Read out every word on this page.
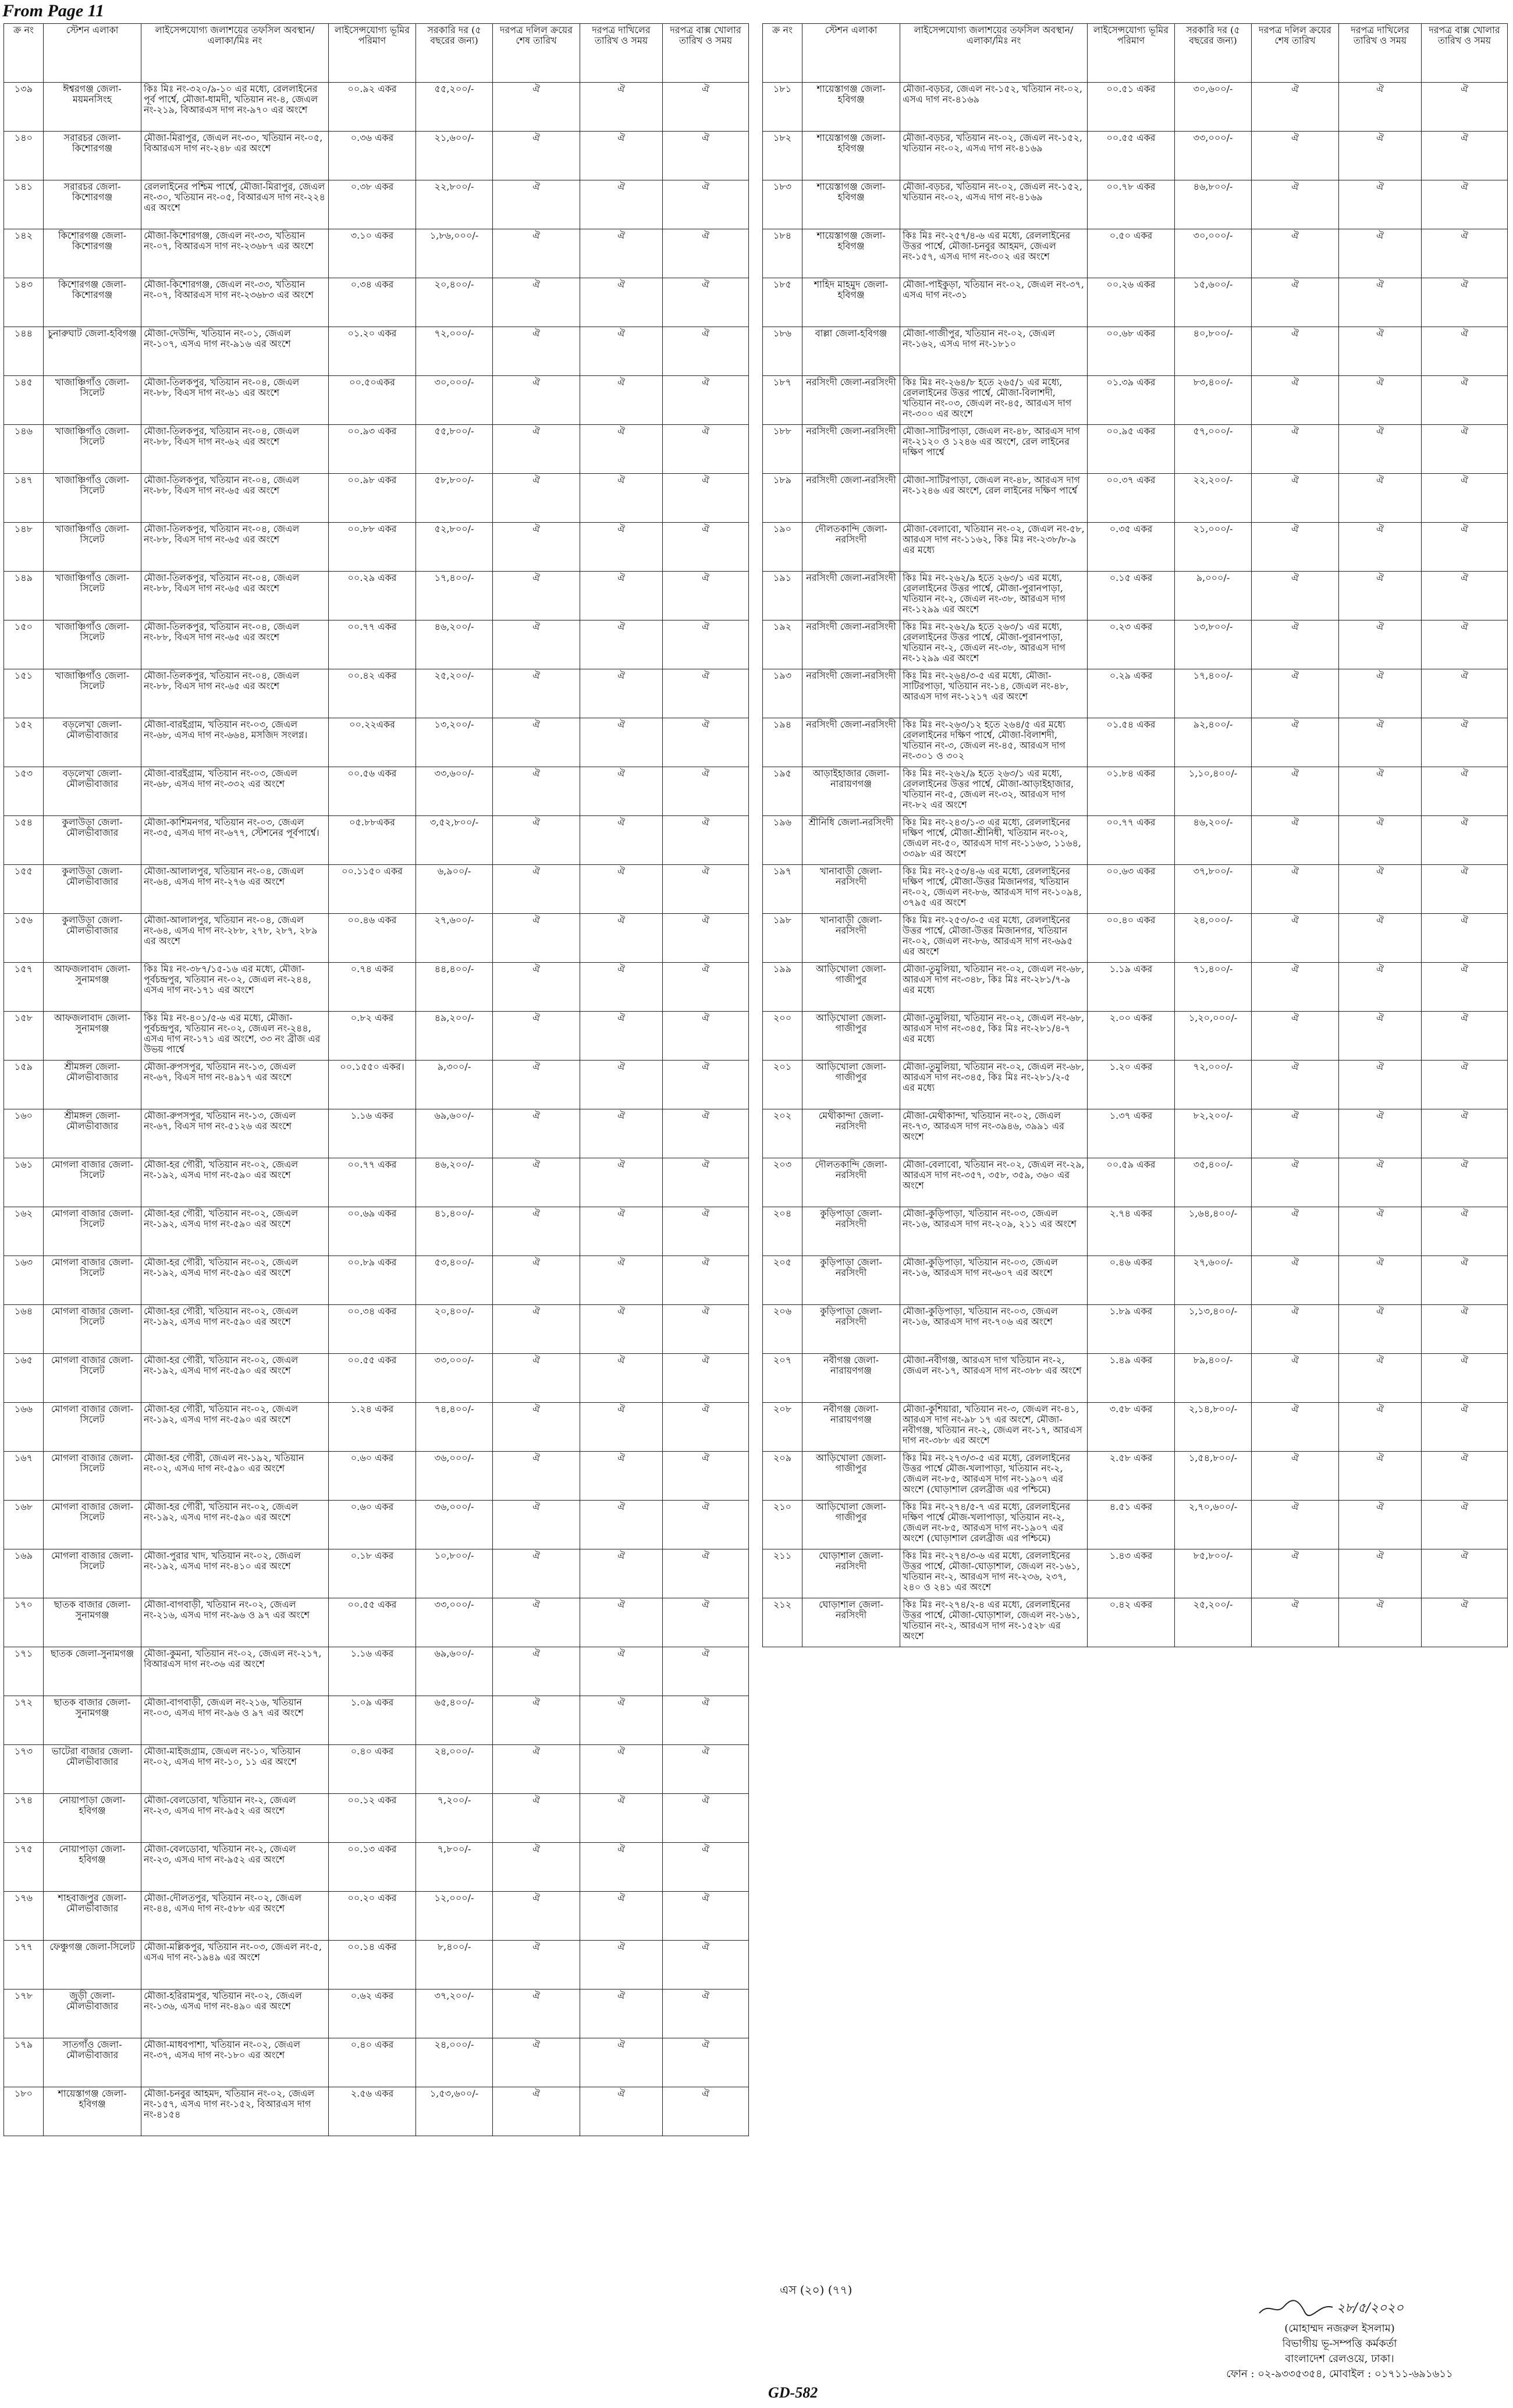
From Page 11
ক্র নং	স্টেশন এলাকা	লাইসেন্সযোগ্য জলাশয়ের তফসিল অবস্থান/এলাকা/মিঃ নং	লাইসেন্সযোগ্য ভূমির পরিমাণ	সরকারি দর (৫ বছরের জন্য)	দরপত্র দলিল ক্রয়ের শেষ তারিখ	দরপত্র দাখিলের তারিখ ও সময়	দরপত্র বাক্স খোলার তারিখ ও সময়
১৩৯	ঈশ্বরগঞ্জ জেলা-ময়মনসিংহ	কিঃ মিঃ নং-৩২০/৯-১০ এর মধ্যে, রেললাইনের পূর্ব পার্শ্বে, মৌজা-ধামদী, খতিয়ান নং-৪, জেএল নং-২১৯, বিআরএস দাগ নং-৯৭০ এর অংশে	০০.৯২ একর	৫৫,২০০/-	ঐ	ঐ	ঐ
১৪০	সরারচর জেলা-কিশোরগঞ্জ	মৌজা-মিরাপুর, জেএল নং-৩০, খতিয়ান নং-০৫, বিআরএস দাগ নং-২৪৮ এর অংশে	০.৩৬ একর	২১,৬০০/-	ঐ	ঐ	ঐ
১৪১	সরারচর জেলা-কিশোরগঞ্জ	রেললাইনের পশ্চিম পার্শ্বে, মৌজা-মিরাপুর, জেএল নং-৩০, খতিয়ান নং-০৫, বিআরএস দাগ নং-২২৪ এর অংশে	০.৩৮ একর	২২,৮০০/-	ঐ	ঐ	ঐ
১৪২	কিশোরগঞ্জ জেলা-কিশোরগঞ্জ	মৌজা-কিশোরগঞ্জ, জেএল নং-৩৩, খতিয়ান নং-০৭, বিআরএস দাগ নং-২৩৬৮৭ এর অংশে	৩.১০ একর	১,৮৬,০০০/-	ঐ	ঐ	ঐ
১৪৩	কিশোরগঞ্জ জেলা-কিশোরগঞ্জ	মৌজা-কিশোরগঞ্জ, জেএল নং-৩৩, খতিয়ান নং-০৭, বিআরএস দাগ নং-২৩৬৮৩ এর অংশে	০.৩৪ একর	২০,৪০০/-	ঐ	ঐ	ঐ
১৪৪	চুনারুঘাট জেলা-হবিগঞ্জ	মৌজা-দেউন্দি, খতিয়ান নং-০১, জেএল নং-১০৭, এসএ দাগ নং-৯১৬ এর অংশে	০১.২০ একর	৭২,০০০/-	ঐ	ঐ	ঐ
১৪৫	খাজাঞ্চিগাঁও জেলা-সিলেট	মৌজা-তিলকপুর, খতিয়ান নং-০৪, জেএল নং-৮৮, বিএস দাগ নং-৬১ এর অংশে	০০.৫০একর	৩০,০০০/-	ঐ	ঐ	ঐ
১৪৬	খাজাঞ্চিগাঁও জেলা-সিলেট	মৌজা-তিলকপুর, খতিয়ান নং-০৪, জেএল নং-৮৮, বিএস দাগ নং-৬২ এর অংশে	০০.৯৩ একর	৫৫,৮০০/-	ঐ	ঐ	ঐ
১৪৭	খাজাঞ্চিগাঁও জেলা-সিলেট	মৌজা-তিলকপুর, খতিয়ান নং-০৪, জেএল নং-৮৮, বিএস দাগ নং-৬৫ এর অংশে	০০.৯৮ একর	৫৮,৮০০/-	ঐ	ঐ	ঐ
১৪৮	খাজাঞ্চিগাঁও জেলা-সিলেট	মৌজা-তিলকপুর, খতিয়ান নং-০৪, জেএল নং-৮৮, বিএস দাগ নং-৬৫ এর অংশে	০০.৮৮ একর	৫২,৮০০/-	ঐ	ঐ	ঐ
১৪৯	খাজাঞ্চিগাঁও জেলা-সিলেট	মৌজা-তিলকপুর, খতিয়ান নং-০৪, জেএল নং-৮৮, বিএস দাগ নং-৬৫ এর অংশে	০০.২৯ একর	১৭,৪০০/-	ঐ	ঐ	ঐ
১৫০	খাজাঞ্চিগাঁও জেলা-সিলেট	মৌজা-তিলকপুর, খতিয়ান নং-০৪, জেএল নং-৮৮, বিএস দাগ নং-৬৫ এর অংশে	০০.৭৭ একর	৪৬,২০০/-	ঐ	ঐ	ঐ
১৫১	খাজাঞ্চিগাঁও জেলা-সিলেট	মৌজা-তিলকপুর, খতিয়ান নং-০৪, জেএল নং-৮৮, বিএস দাগ নং-৬৫ এর অংশে	০০.৪২ একর	২৫,২০০/-	ঐ	ঐ	ঐ
১৫২	বড়লেখা জেলা-মৌলভীবাজার	মৌজা-বারইগ্রাম, খতিয়ান নং-০৩, জেএল নং-৬৮, এসএ দাগ নং-৬৬৪, মসজিদ সংলগ্ন।	০০.২২একর	১৩,২০০/-	ঐ	ঐ	ঐ
১৫৩	বড়লেখা জেলা-মৌলভীবাজার	মৌজা-বারইগ্রাম, খতিয়ান নং-০৩, জেএল নং-৬৮, এসএ দাগ নং-৩৩২ এর অংশে	০০.৫৬ একর	৩৩,৬০০/-	ঐ	ঐ	ঐ
১৫৪	কুলাউড়া জেলা-মৌলভীবাজার	মৌজা-কাশিমনগর, খতিয়ান নং-০৩, জেএল নং-৩৫, এসএ দাগ নং-৬৭৭, স্টেশনের পূর্বপার্শ্বে।	০৫.৮৮একর	৩,৫২,৮০০/-	ঐ	ঐ	ঐ
১৫৫	কুলাউড়া জেলা-মৌলভীবাজার	মৌজা-আলালপুর, খতিয়ান নং-০৪, জেএল নং-৬৪, এসএ দাগ নং-২৭৬ এর অংশে	০০.১১৫০ একর	৬,৯০০/-	ঐ	ঐ	ঐ
১৫৬	কুলাউড়া জেলা-মৌলভীবাজার	মৌজা-আলালপুর, খতিয়ান নং-০৪, জেএল নং-৬৪, এসএ দাগ নং-২৮৮, ২৭৮, ২৮৭, ২৮৯ এর অংশে	০০.৪৬ একর	২৭,৬০০/-	ঐ	ঐ	ঐ
১৫৭	আফজলাবাদ জেলা-সুনামগঞ্জ	কিঃ মিঃ নং-৩৮৭/১৫-১৬ এর মধ্যে, মৌজা-পূর্বচন্দ্রপুর, খতিয়ান নং-০২, জেএল নং-২৪৪, এসএ দাগ নং-১৭১ এর অংশে	০.৭৪ একর	৪৪,৪০০/-	ঐ	ঐ	ঐ
১৫৮	আফজলাবাদ জেলা-সুনামগঞ্জ	কিঃ মিঃ নং-৪০১/৫-৬ এর মধ্যে, মৌজা-পূর্বচন্দ্রপুর, খতিয়ান নং-০২, জেএল নং-২৪৪, এসএ দাগ নং-১৭১ এর অংশে, ৩৩ নং ব্রীজ এর উভয় পার্শ্বে	০.৮২ একর	৪৯,২০০/-	ঐ	ঐ	ঐ
১৫৯	শ্রীমঙ্গল জেলা-মৌলভীবাজার	মৌজা-রুপসপুর, খতিয়ান নং-১৩, জেএল নং-৬৭, বিএস দাগ নং-৪৯১৭ এর অংশে	০০.১৫৫০ একর।	৯,৩০০/-	ঐ	ঐ	ঐ
১৬০	শ্রীমঙ্গল জেলা-মৌলভীবাজার	মৌজা-রুপসপুর, খতিয়ান নং-১৩, জেএল নং-৬৭, বিএস দাগ নং-৫১২৬ এর অংশে	১.১৬ একর	৬৯,৬০০/-	ঐ	ঐ	ঐ
১৬১	মোগলা বাজার জেলা-সিলেট	মৌজা-হর গৌরী, খতিয়ান নং-০২, জেএল নং-১৯২, এসএ দাগ নং-৫৯০ এর অংশে	০০.৭৭ একর	৪৬,২০০/-	ঐ	ঐ	ঐ
১৬২	মোগলা বাজার জেলা-সিলেট	মৌজা-হর গৌরী, খতিয়ান নং-০২, জেএল নং-১৯২, এসএ দাগ নং-৫৯০ এর অংশে	০০.৬৯ একর	৪১,৪০০/-	ঐ	ঐ	ঐ
১৬৩	মোগলা বাজার জেলা-সিলেট	মৌজা-হর গৌরী, খতিয়ান নং-০২, জেএল নং-১৯২, এসএ দাগ নং-৫৯০ এর অংশে	০০.৮৯ একর	৫৩,৪০০/-	ঐ	ঐ	ঐ
১৬৪	মোগলা বাজার জেলা-সিলেট	মৌজা-হর গৌরী, খতিয়ান নং-০২, জেএল নং-১৯২, এসএ দাগ নং-৫৯০ এর অংশে	০০.৩৪ একর	২০,৪০০/-	ঐ	ঐ	ঐ
১৬৫	মোগলা বাজার জেলা-সিলেট	মৌজা-হর গৌরী, খতিয়ান নং-০২, জেএল নং-১৯২, এসএ দাগ নং-৫৯০ এর অংশে	০০.৫৫ একর	৩৩,০০০/-	ঐ	ঐ	ঐ
১৬৬	মোগলা বাজার জেলা-সিলেট	মৌজা-হর গৌরী, খতিয়ান নং-০২, জেএল নং-১৯২, এসএ দাগ নং-৫৯০ এর অংশে	১.২৪ একর	৭৪,৪০০/-	ঐ	ঐ	ঐ
১৬৭	মোগলা বাজার জেলা-সিলেট	মৌজা-হর গৌরী, জেএল নং-১৯২, খতিয়ান নং-০২, এসএ দাগ নং-৫৯০ এর অংশে	০.৬০ একর	৩৬,০০০/-	ঐ	ঐ	ঐ
১৬৮	মোগলা বাজার জেলা-সিলেট	মৌজা-হর গৌরী, খতিয়ান নং-০২, জেএল নং-১৯২, এসএ দাগ নং-৫৯০ এর অংশে	০.৬০ একর	৩৬,০০০/-	ঐ	ঐ	ঐ
১৬৯	মোগলা বাজার জেলা-সিলেট	মৌজা-পুরার খাদ, খতিয়ান নং-০২, জেএল নং-১৯২, এসএ দাগ নং-৪১০ এর অংশে	০.১৮ একর	১০,৮০০/-	ঐ	ঐ	ঐ
১৭০	ছাতক বাজার জেলা-সুনামগঞ্জ	মৌজা-বাগবাড়ী, খতিয়ান নং-০২, জেএল নং-২১৬, এসএ দাগ নং-৯৬ ও ৯৭ এর অংশে	০০.৫৫ একর	৩৩,০০০/-	ঐ	ঐ	ঐ
১৭১	ছাতক জেলা-সুনামগঞ্জ	মৌজা-কুমনা, খতিয়ান নং-০২, জেএল নং-২১৭, বিআরএস দাগ নং-৩৬ এর অংশে	১.১৬ একর	৬৯,৬০০/-	ঐ	ঐ	ঐ
১৭২	ছাতক বাজার জেলা-সুনামগঞ্জ	মৌজা-বাগবাড়ী, জেএল নং-২১৬, খতিয়ান নং-০৩, এসএ দাগ নং-৯৬ ও ৯৭ এর অংশে	১.০৯ একর	৬৫,৪০০/-	ঐ	ঐ	ঐ
১৭৩	ভাটেরা বাজার জেলা-মৌলভীবাজার	মৌজা-মাইজগ্রাম, জেএল নং-১০, খতিয়ান নং-০২, এসএ দাগ নং-১০, ১১ এর অংশে	০.৪০ একর	২৪,০০০/-	ঐ	ঐ	ঐ
১৭৪	নোয়াপাড়া জেলা-হবিগঞ্জ	মৌজা-বেলডোবা, খতিয়ান নং-২, জেএল নং-২৩, এসএ দাগ নং-৯৫২ এর অংশে	০০.১২ একর	৭,২০০/-	ঐ	ঐ	ঐ
১৭৫	নোয়াপাড়া জেলা-হবিগঞ্জ	মৌজা-বেলডোবা, খতিয়ান নং-২, জেএল নং-২৩, এসএ দাগ নং-৯৫২ এর অংশে	০০.১৩ একর	৭,৮০০/-	ঐ	ঐ	ঐ
১৭৬	শাহবাজপুর জেলা-মৌলভীবাজার	মৌজা-দৌলতপুর, খতিয়ান নং-০২, জেএল নং-৪৪, এসএ দাগ নং-৫৮৮ এর অংশে	০০.২০ একর	১২,০০০/-	ঐ	ঐ	ঐ
১৭৭	ফেঞ্চুগঞ্জ জেলা-সিলেট	মৌজা-মল্লিকপুর, খতিয়ান নং-০৩, জেএল নং-৫, এসএ দাগ নং-১৯৪৯ এর অংশে	০০.১৪ একর	৮,৪০০/-	ঐ	ঐ	ঐ
১৭৮	জুড়ী জেলা-মৌলভীবাজার	মৌজা-হরিরামপুর, খতিয়ান নং-০২, জেএল নং-১৩৬, এসএ দাগ নং-৪৯০ এর অংশে	০.৬২ একর	৩৭,২০০/-	ঐ	ঐ	ঐ
১৭৯	সাতগাঁও জেলা-মৌলভীবাজার	মৌজা-মাধবপাশা, খতিয়ান নং-০২, জেএল নং-৩৭, এসএ দাগ নং-১৮০ এর অংশে	০.৪০ একর	২৪,০০০/-	ঐ	ঐ	ঐ
১৮০	শায়েস্তাগঞ্জ জেলা-হবিগঞ্জ	মৌজা-চনবুর আহমদ, খতিয়ান নং-০২, জেএল নং-১৫৭, এসএ দাগ নং-১৫২, বিআরএস দাগ নং-৪১৫৪	২.৫৬ একর	১,৫৩,৬০০/-	ঐ	ঐ	ঐ
ক্র নং	স্টেশন এলাকা	লাইসেন্সযোগ্য জলাশয়ের তফসিল অবস্থান/এলাকা/মিঃ নং	লাইসেন্সযোগ্য ভূমির পরিমাণ	সরকারি দর (৫ বছরের জন্য)	দরপত্র দলিল ক্রয়ের শেষ তারিখ	দরপত্র দাখিলের তারিখ ও সময়	দরপত্র বাক্স খোলার তারিখ ও সময়
১৮১	শায়েস্তাগঞ্জ জেলা-হবিগঞ্জ	মৌজা-বড়চর, জেএল নং-১৫২, খতিয়ান নং-০২, এসএ দাগ নং-৪১৬৯	০০.৫১ একর	৩০,৬০০/-	ঐ	ঐ	ঐ
১৮২	শায়েস্তাগঞ্জ জেলা-হবিগঞ্জ	মৌজা-বড়চর, খতিয়ান নং-০২, জেএল নং-১৫২, খতিয়ান নং-০২, এসএ দাগ নং-৪১৬৯	০০.৫৫ একর	৩৩,০০০/-	ঐ	ঐ	ঐ
১৮৩	শায়েস্তাগঞ্জ জেলা-হবিগঞ্জ	মৌজা-বড়চর, খতিয়ান নং-০২, জেএল নং-১৫২, খতিয়ান নং-০২, এসএ দাগ নং-৪১৬৯	০০.৭৮ একর	৪৬,৮০০/-	ঐ	ঐ	ঐ
১৮৪	শায়েস্তাগঞ্জ জেলা-হবিগঞ্জ	কিঃ মিঃ নং-২৫৭/৪-৬ এর মধ্যে, রেললাইনের উত্তর পার্শ্বে, মৌজা-চনবুর আহমদ, জেএল নং-১৫৭, এসএ দাগ নং-৩০২ এর অংশে	০.৫০ একর	৩০,০০০/-	ঐ	ঐ	ঐ
১৮৫	শাহিদ মাহমুদ জেলা-হবিগঞ্জ	মৌজা-পাইকুড়া, খতিয়ান নং-০২, জেএল নং-৩৭, এসএ দাগ নং-৩১	০০.২৬ একর	১৫,৬০০/-	ঐ	ঐ	ঐ
১৮৬	বাল্লা জেলা-হবিগঞ্জ	মৌজা-গাজীপুর, খতিয়ান নং-০২, জেএল নং-১৬২, এসএ দাগ নং-১৮১০	০০.৬৮ একর	৪০,৮০০/-	ঐ	ঐ	ঐ
১৮৭	নরসিংদী জেলা-নরসিংদী	কিঃ মিঃ নং-২৬৪/৮ হতে ২৬৫/১ এর মধ্যে, রেললাইনের উত্তর পার্শ্বে, মৌজা-বিলাশদী, খতিয়ান নং-০৩, জেএল নং-৪৫, আরএস দাগ নং-৩০০ এর অংশে	০১.৩৯ একর	৮৩,৪০০/-	ঐ	ঐ	ঐ
১৮৮	নরসিংদী জেলা-নরসিংদী	মৌজা-সাটিরপাড়া, জেএল নং-৪৮, আরএস দাগ নং-২১২০ ও ১২৪৬ এর অংশে, রেল লাইনের দক্ষিণ পার্শ্বে	০০.৯৫ একর	৫৭,০০০/-	ঐ	ঐ	ঐ
১৮৯	নরসিংদী জেলা-নরসিংদী	মৌজা-সাটিরপাড়া, জেএল নং-৪৮, আরএস দাগ নং-১২৪৬ এর অংশে, রেল লাইনের দক্ষিণ পার্শ্বে	০০.৩৭ একর	২২,২০০/-	ঐ	ঐ	ঐ
১৯০	দৌলতকান্দি জেলা-নরসিংদী	মৌজা-বেলাবো, খতিয়ান নং-০২, জেএল নং-৫৮, আরএস দাগ নং-১১৬২, কিঃ মিঃ নং-২৩৮/৮-৯ এর মধ্যে	০.৩৫ একর	২১,০০০/-	ঐ	ঐ	ঐ
১৯১	নরসিংদী জেলা-নরসিংদী	কিঃ মিঃ নং-২৬২/৯ হতে ২৬৩/১ এর মধ্যে, রেললাইনের উত্তর পার্শ্বে, মৌজা-পুরানপাড়া, খতিয়ান নং-২, জেএল নং-৩৮, আরএস দাগ নং-১২৯৯ এর অংশে	০.১৫ একর	৯,০০০/-	ঐ	ঐ	ঐ
১৯২	নরসিংদী জেলা-নরসিংদী	কিঃ মিঃ নং-২৬২/৯ হতে ২৬৩/১ এর মধ্যে, রেললাইনের উত্তর পার্শ্বে, মৌজা-পুরানপাড়া, খতিয়ান নং-২, জেএল নং-৩৮, আরএস দাগ নং-১২৯৯ এর অংশে	০.২৩ একর	১৩,৮০০/-	ঐ	ঐ	ঐ
১৯৩	নরসিংদী জেলা-নরসিংদী	কিঃ মিঃ নং-২৬৪/৩-৫ এর মধ্যে, মৌজা-সাটিরপাড়া, খতিয়ান নং-১৪, জেএল নং-৪৮, আরএস দাগ নং-১২১৭ এর অংশে	০.২৯ একর	১৭,৪০০/-	ঐ	ঐ	ঐ
১৯৪	নরসিংদী জেলা-নরসিংদী	কিঃ মিঃ নং-২৬৩/১২ হতে ২৬৪/৫ এর মধ্যে রেললাইনের দক্ষিণ পার্শ্বে, মৌজা-বিলাশদী, খতিয়ান নং-৩, জেএল নং-৪৫, আরএস দাগ নং-৩০১ ও ৩০২	০১.৫৪ একর	৯২,৪০০/-	ঐ	ঐ	ঐ
১৯৫	আড়াইহাজার জেলা-নারায়ণগঞ্জ	কিঃ মিঃ নং-২৬২/৯ হতে ২৬৩/১ এর মধ্যে, রেললাইনের উত্তর পার্শ্বে, মৌজা-আড়াইহাজার, খতিয়ান নং-৫, জেএল নং-৩২, আরএস দাগ নং-৮২ এর অংশে	০১.৮৪ একর	১,১০,৪০০/-	ঐ	ঐ	ঐ
১৯৬	শ্রীনিধি জেলা-নরসিংদী	কিঃ মিঃ নং-২৪৩/১-৩ এর মধ্যে, রেললাইনের দক্ষিণ পার্শ্বে, মৌজা-শ্রীনিধী, খতিয়ান নং-০২, জেএল নং-৫০, আরএস দাগ নং-১১৬৩, ১১৬৪, ৩৩৯৮ এর অংশে	০০.৭৭ একর	৪৬,২০০/-	ঐ	ঐ	ঐ
১৯৭	খানাবাড়ী জেলা-নরসিংদী	কিঃ মিঃ নং-২৫৩/৪-৬ এর মধ্যে, রেললাইনের দক্ষিণ পার্শ্বে, মৌজা-উত্তর মিজানগর, খতিয়ান নং-০২, জেএল নং-৮৬, আরএস দাগ নং-১০৯৪, ৩৭৯৫ এর অংশে	০০.৬৩ একর	৩৭,৮০০/-	ঐ	ঐ	ঐ
১৯৮	খানাবাড়ী জেলা-নরসিংদী	কিঃ মিঃ নং-২৫৩/৩-৫ এর মধ্যে, রেললাইনের উত্তর পার্শ্বে, মৌজা-উত্তর মিজানগর, খতিয়ান নং-০২, জেএল নং-৮৬, আরএস দাগ নং-৬৯৫ এর অংশে	০০.৪০ একর	২৪,০০০/-	ঐ	ঐ	ঐ
১৯৯	আড়িখোলা জেলা-গাজীপুর	মৌজা-তুমুলিয়া, খতিয়ান নং-০২, জেএল নং-৬৮, আরএস দাগ নং-৩৪৮, কিঃ মিঃ নং-২৮১/৭-৯ এর মধ্যে	১.১৯ একর	৭১,৪০০/-	ঐ	ঐ	ঐ
২০০	আড়িখোলা জেলা-গাজীপুর	মৌজা-তুমুলিয়া, খতিয়ান নং-০২, জেএল নং-৬৮, আরএস দাগ নং-৩৪৫, কিঃ মিঃ নং-২৮১/৪-৭ এর মধ্যে	২.০০ একর	১,২০,০০০/-	ঐ	ঐ	ঐ
২০১	আড়িখোলা জেলা-গাজীপুর	মৌজা-তুমুলিয়া, খতিয়ান নং-০২, জেএল নং-৬৮, আরএস দাগ নং-৩৪৫, কিঃ মিঃ নং-২৮১/২-৫ এর মধ্যে	১.২০ একর	৭২,০০০/-	ঐ	ঐ	ঐ
২০২	মেথীকান্দা জেলা-নরসিংদী	মৌজা-মেথীকান্দা, খতিয়ান নং-০২, জেএল নং-৭৩, আরএস দাগ নং-৩৯৪৬, ৩৯৯১ এর অংশে	১.৩৭ একর	৮২,২০০/-	ঐ	ঐ	ঐ
২০৩	দৌলতকান্দি জেলা-নরসিংদী	মৌজা-বেলাবো, খতিয়ান নং-০২, জেএল নং-২৯, আরএস দাগ নং-৩৫৭, ৩৫৮, ৩৫৯, ৩৬০ এর অংশে	০০.৫৯ একর	৩৫,৪০০/-	ঐ	ঐ	ঐ
২০৪	কুড়িপাড়া জেলা-নরসিংদী	মৌজা-কুড়িপাড়া, খতিয়ান নং-০৩, জেএল নং-১৬, আরএস দাগ নং-২০৯, ২১১ এর অংশে	২.৭৪ একর	১,৬৪,৪০০/-	ঐ	ঐ	ঐ
২০৫	কুড়িপাড়া জেলা-নরসিংদী	মৌজা-কুড়িপাড়া, খতিয়ান নং-০৩, জেএল নং-১৬, আরএস দাগ নং-৬০৭ এর অংশে	০.৪৬ একর	২৭,৬০০/-	ঐ	ঐ	ঐ
২০৬	কুড়িপাড়া জেলা-নরসিংদী	মৌজা-কুড়িপাড়া, খতিয়ান নং-০৩, জেএল নং-১৬, আরএস দাগ নং-৭০৬ এর অংশে	১.৮৯ একর	১,১৩,৪০০/-	ঐ	ঐ	ঐ
২০৭	নবীগঞ্জ জেলা-নারায়ণগঞ্জ	মৌজা-নবীগঞ্জ, আরএস দাগ খতিয়ান নং-২, জেএল নং-১৭, আরএস দাগ নং-৩৮৮ এর অংশে	১.৪৯ একর	৮৯,৪০০/-	ঐ	ঐ	ঐ
২০৮	নবীগঞ্জ জেলা-নারায়ণগঞ্জ	মৌজা-কুশিয়ারা, খতিয়ান নং-৩, জেএল নং-৪১, আরএস দাগ নং-৯৮ ১৭ এর অংশে, মৌজা-নবীগঞ্জ, খতিয়ান নং-২, জেএল নং-১৭, আরএস দাগ নং-৩৮৮ এর অংশে	৩.৫৮ একর	২,১৪,৮০০/-	ঐ	ঐ	ঐ
২০৯	আড়িখোলা জেলা-গাজীপুর	কিঃ মিঃ নং-২৭৩/৩-৫ এর মধ্যে, রেললাইনের উত্তর পার্শ্বে মৌজ-খলাপাড়া, খতিয়ান নং-২, জেএল নং-৮৫, আরএস দাগ নং-১৯০৭ এর অংশে (ঘোড়াশাল রেলব্রীজ এর পশ্চিমে)	২.৫৮ একর	১,৫৪,৮০০/-	ঐ	ঐ	ঐ
২১০	আড়িখোলা জেলা-গাজীপুর	কিঃ মিঃ নং-২৭৪/৫-৭ এর মধ্যে, রেললাইনের দক্ষিণ পার্শ্বে মৌজ-খলাপাড়া, খতিয়ান নং-২, জেএল নং-৮৫, আরএস দাগ নং-১৯০৭ এর অংশে (ঘোড়াশাল রেলব্রীজ এর পশ্চিমে)	৪.৫১ একর	২,৭০,৬০০/-	ঐ	ঐ	ঐ
২১১	ঘোড়াশাল জেলা-নরসিংদী	কিঃ মিঃ নং-২৭৪/৩-৬ এর মধ্যে, রেললাইনের উত্তর পার্শ্বে, মৌজা-ঘোড়াশাল, জেএল নং-১৬১, খতিয়ান নং-২, আরএস দাগ নং-২৩৬, ২৩৭, ২৪০ ও ২৪১ এর অংশে	১.৪৩ একর	৮৫,৮০০/-	ঐ	ঐ	ঐ
২১২	ঘোড়াশাল জেলা-নরসিংদী	কিঃ মিঃ নং-২৭৪/২-৪ এর মধ্যে, রেললাইনের উত্তর পার্শ্বে, মৌজা-ঘোড়াশাল, জেএল নং-১৬১, খতিয়ান নং-২, আরএস দাগ নং-১৫২৮ এর অংশে	০.৪২ একর	২৫,২০০/-	ঐ	ঐ	ঐ
এস (২০) (৭৭)
GD-582
২৮/৫/২০২০
(মোহাম্মদ নজরুল ইসলাম)
বিভাগীয় ভূ-সম্পত্তি কর্মকর্তা
বাংলাদেশ রেলওয়ে, ঢাকা।
ফোন : ০২-৯৩৩৫৩৫৪, মোবাইল : ০১৭১১-৬৯১৬১১
